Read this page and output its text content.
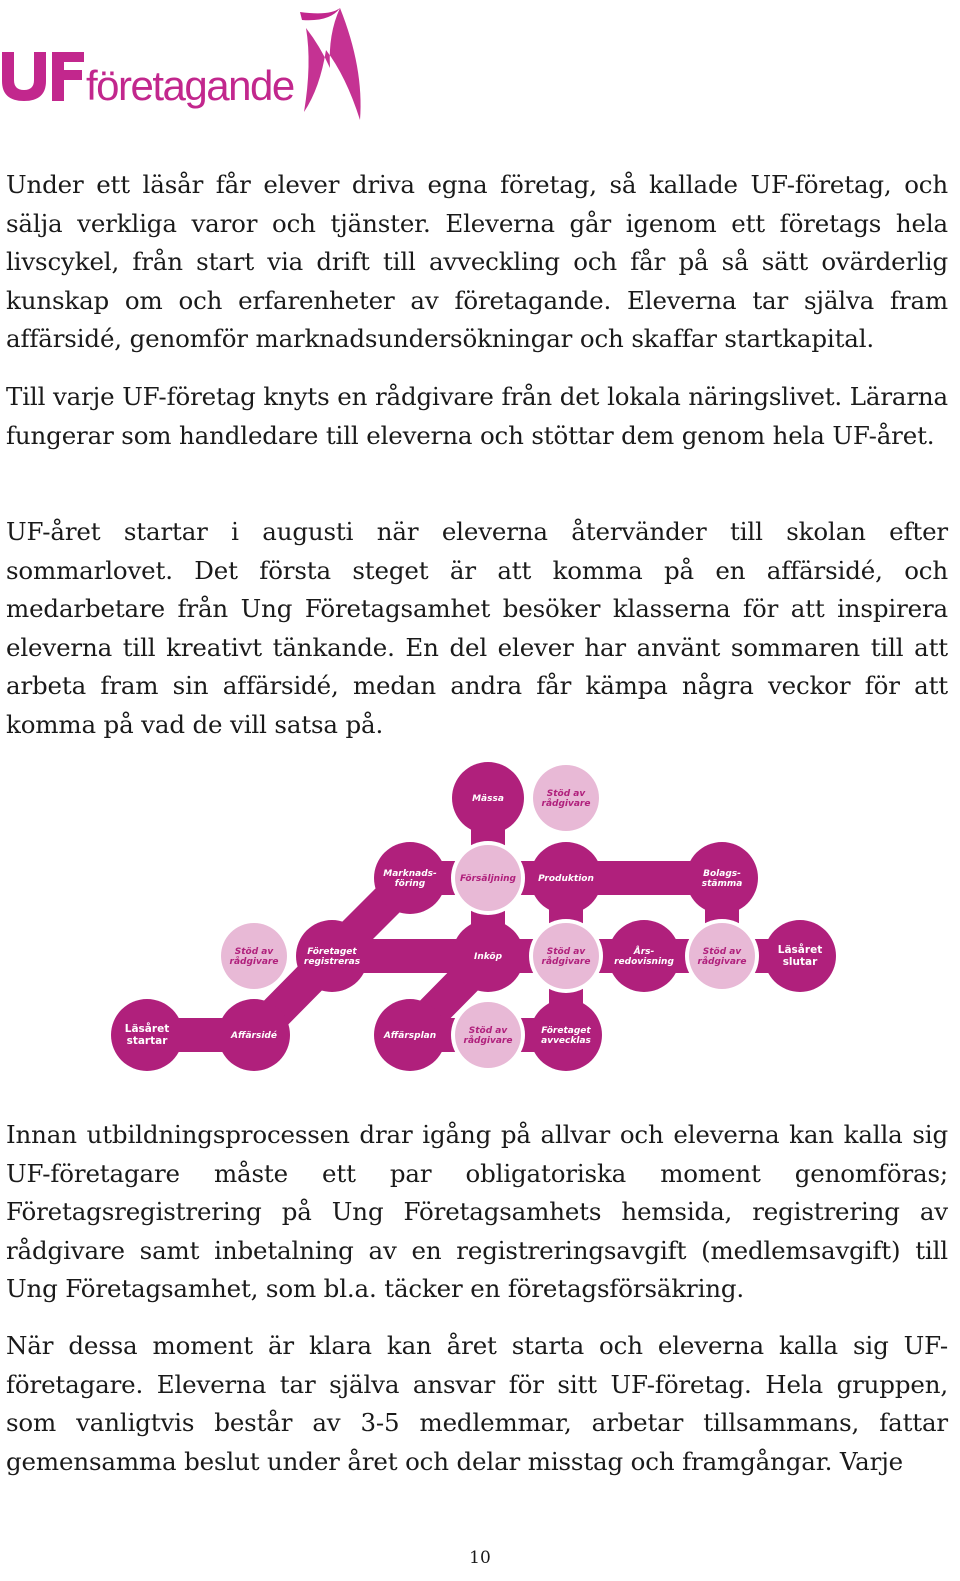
företagande

Under ett läsår får elever driva egna företag, så kallade UF-företag, och sälja verkliga varor och tjänster. Eleverna går igenom ett företags hela livscykel, från start via drift till avveckling och får på så sätt ovärderlig kunskap om och erfarenheter av företagande. Eleverna tar själva fram affärsidé, genomför marknadsundersökningar och skaffar startkapital.

Till varje UF-företag knyts en rådgivare från det lokala näringslivet. Lärarna fungerar som handledare till eleverna och stöttar dem genom hela UF-året.

UF-året startar i augusti när eleverna återvänder till skolan efter sommarlovet. Det första steget är att komma på en affärsidé, och medarbetare från Ung Företagsamhet besöker klasserna för att inspirera eleverna till kreativt tänkande. En del elever har använt sommaren till att arbeta fram sin affärsidé, medan andra får kämpa några veckor för att komma på vad de vill satsa på.

Mässa	Stöd av
rådgivare
Marknads-
föring	Försäljning Produktion	Bolags-
stämma
Stöd av
rådgivare
Företaget
registreras	Inköp	Stöd av
rådgivare
Års-
redovisning
Stöd av
rådgivare
Läsåret
slutar
Läsåret
startar	Affärsidé	Affärsplan	Stöd av
rådgivare
Företaget
avvecklas

Innan utbildningsprocessen drar igång på allvar och eleverna kan kalla sig UF-företagare måste ett par obligatoriska moment genomföras; Företagsregistrering på Ung Företagsamhets hemsida, registrering av rådgivare samt inbetalning av en registreringsavgift (medlemsavgift) till Ung Företagsamhet, som bl.a. täcker en företagsförsäkring.

När dessa moment är klara kan året starta och eleverna kalla sig UF-företagare. Eleverna tar själva ansvar för sitt UF-företag. Hela gruppen, som vanligtvis består av 3-5 medlemmar, arbetar tillsammans, fattar gemensamma beslut under året och delar misstag och framgångar. Varje

10
